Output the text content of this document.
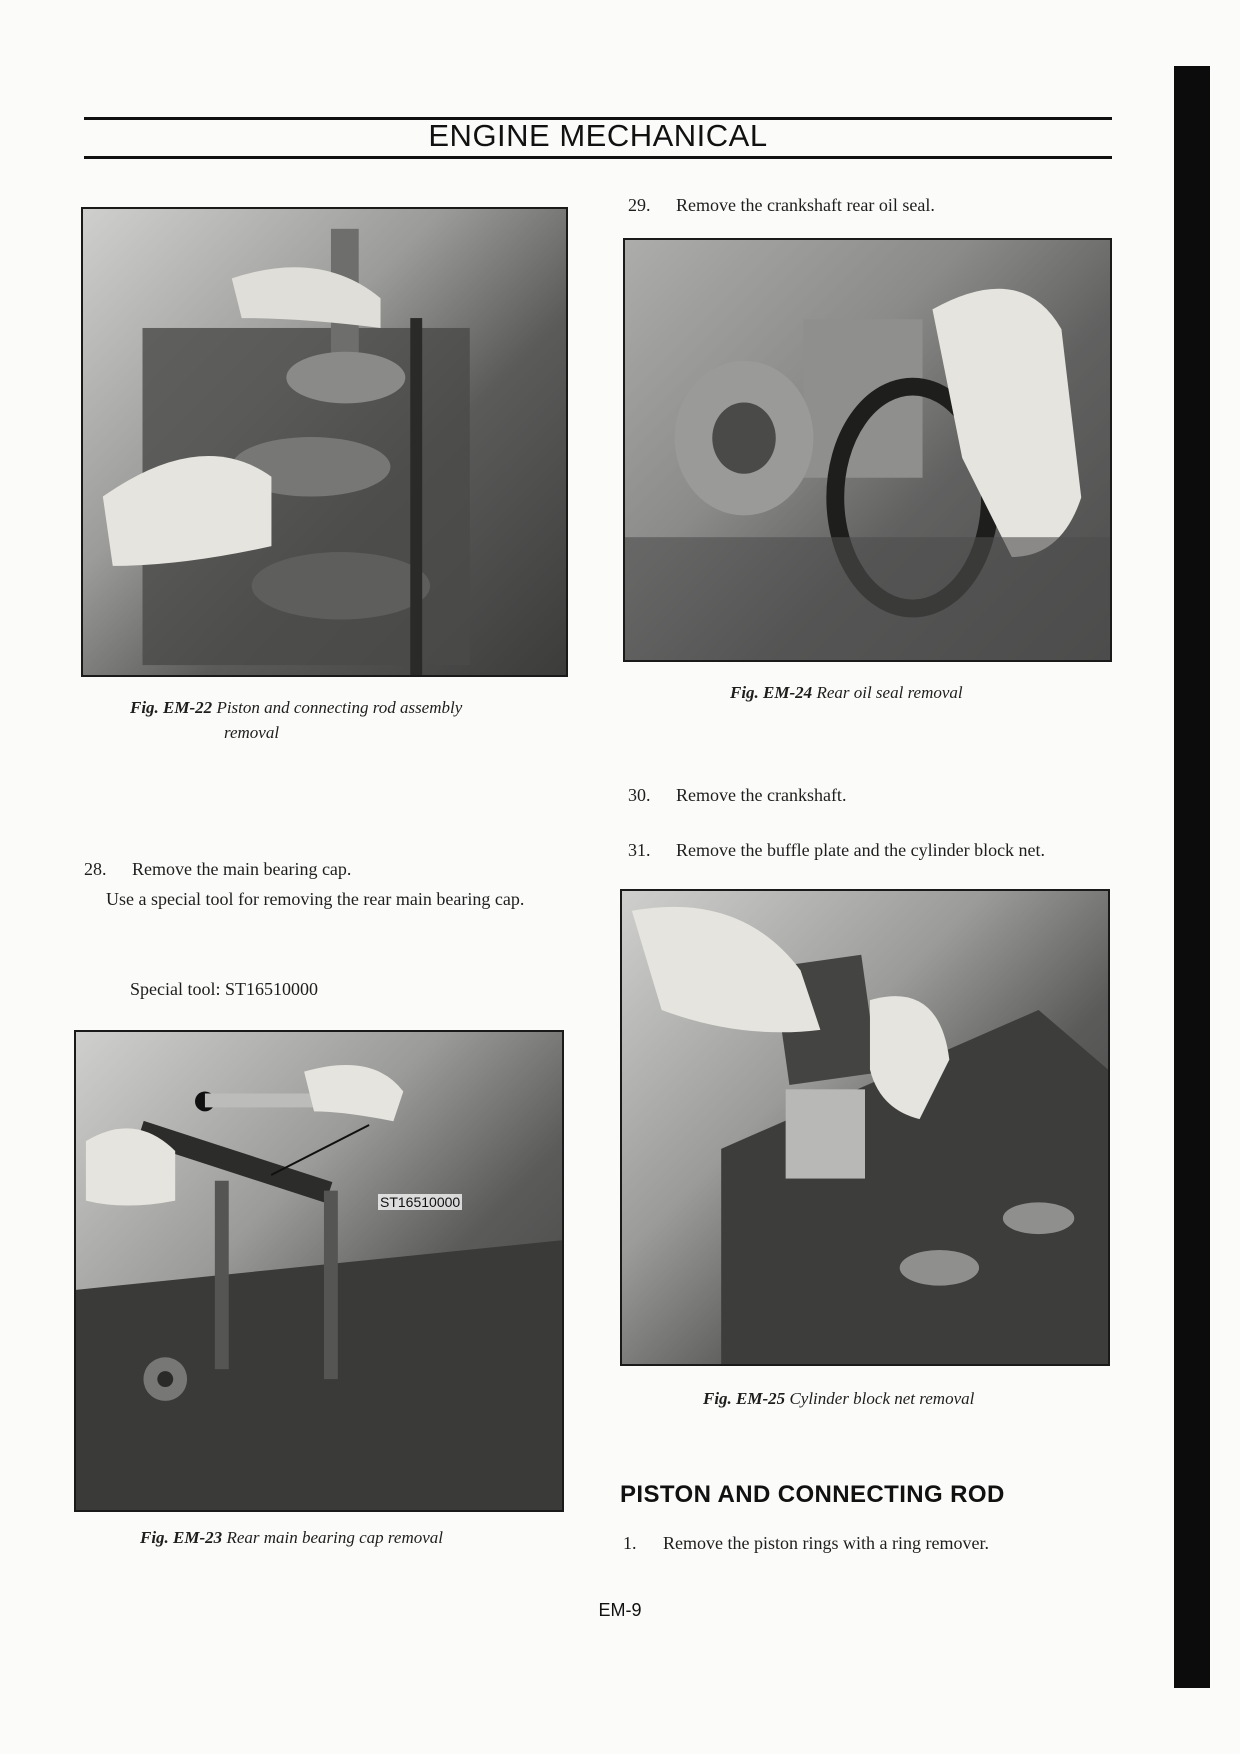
ENGINE MECHANICAL
Fig. EM-22 Piston and connecting rod assembly
removal
28. Remove the main bearing cap.
Use a special tool for removing the rear main bearing cap.
Special tool: ST16510000
ST16510000
Fig. EM-23 Rear main bearing cap removal
29. Remove the crankshaft rear oil seal.
Fig. EM-24 Rear oil seal removal
30. Remove the crankshaft.
31. Remove the buffle plate and the cylinder block net.
Fig. EM-25 Cylinder block net removal
PISTON AND CONNECTING ROD
1. Remove the piston rings with a ring remover.
EM-9
